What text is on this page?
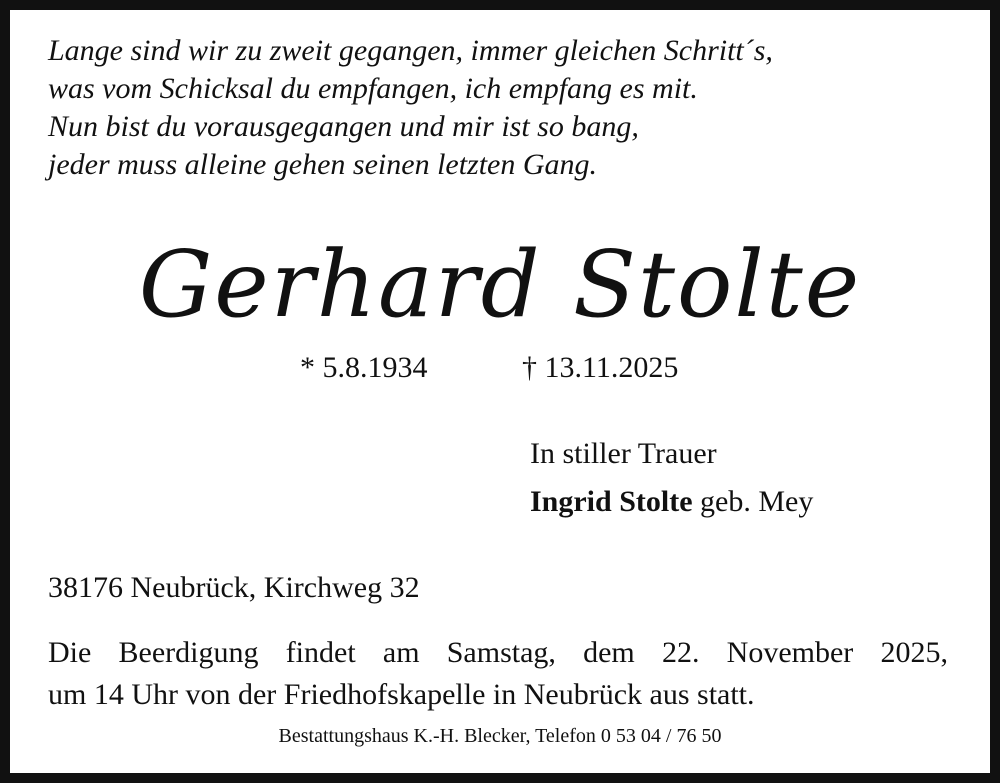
Lange sind wir zu zweit gegangen, immer gleichen Schritt´s,
was vom Schicksal du empfangen, ich empfang es mit.
Nun bist du vorausgegangen und mir ist so bang,
jeder muss alleine gehen seinen letzten Gang.
Gerhard Stolte
* 5.8.1934	† 13.11.2025
In stiller Trauer
Ingrid Stolte geb. Mey
38176 Neubrück, Kirchweg 32
Die Beerdigung findet am Samstag, dem 22. November 2025,
um 14 Uhr von der Friedhofskapelle in Neubrück aus statt.
Bestattungshaus K.-H. Blecker, Telefon 0 53 04 / 76 50
